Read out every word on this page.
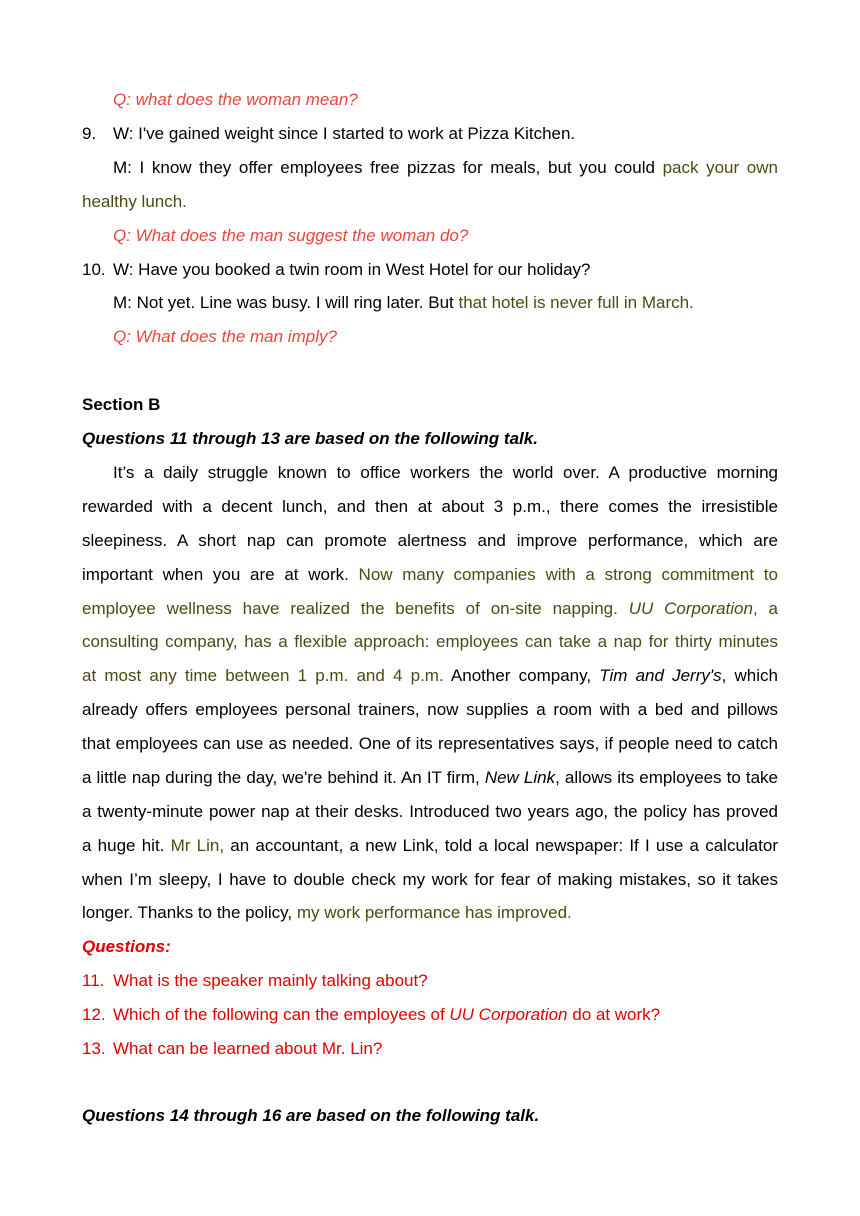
Q: what does the woman mean?
9. W: I've gained weight since I started to work at Pizza Kitchen.
M: I know they offer employees free pizzas for meals, but you could pack your own
healthy lunch.
Q: What does the man suggest the woman do?
10. W: Have you booked a twin room in West Hotel for our holiday?
M: Not yet. Line was busy. I will ring later. But that hotel is never full in March.
Q: What does the man imply?
Section B
Questions 11 through 13 are based on the following talk.
It’s a daily struggle known to office workers the world over. A productive morning
rewarded with a decent lunch, and then at about 3 p.m., there comes the irresistible
sleepiness. A short nap can promote alertness and improve performance, which are
important when you are at work. Now many companies with a strong commitment to
employee wellness have realized the benefits of on-site napping. UU Corporation, a
consulting company, has a flexible approach: employees can take a nap for thirty minutes
at most any time between 1 p.m. and 4 p.m. Another company, Tim and Jerry's, which
already offers employees personal trainers, now supplies a room with a bed and pillows
that employees can use as needed. One of its representatives says, if people need to catch
a little nap during the day, we're behind it. An IT firm, New Link, allows its employees to take
a twenty-minute power nap at their desks. Introduced two years ago, the policy has proved
a huge hit. Mr Lin, an accountant, a new Link, told a local newspaper: If I use a calculator
when I’m sleepy, I have to double check my work for fear of making mistakes, so it takes
longer. Thanks to the policy, my work performance has improved.
Questions:
11. What is the speaker mainly talking about?
12. Which of the following can the employees of UU Corporation do at work?
13. What can be learned about Mr. Lin?
Questions 14 through 16 are based on the following talk.
